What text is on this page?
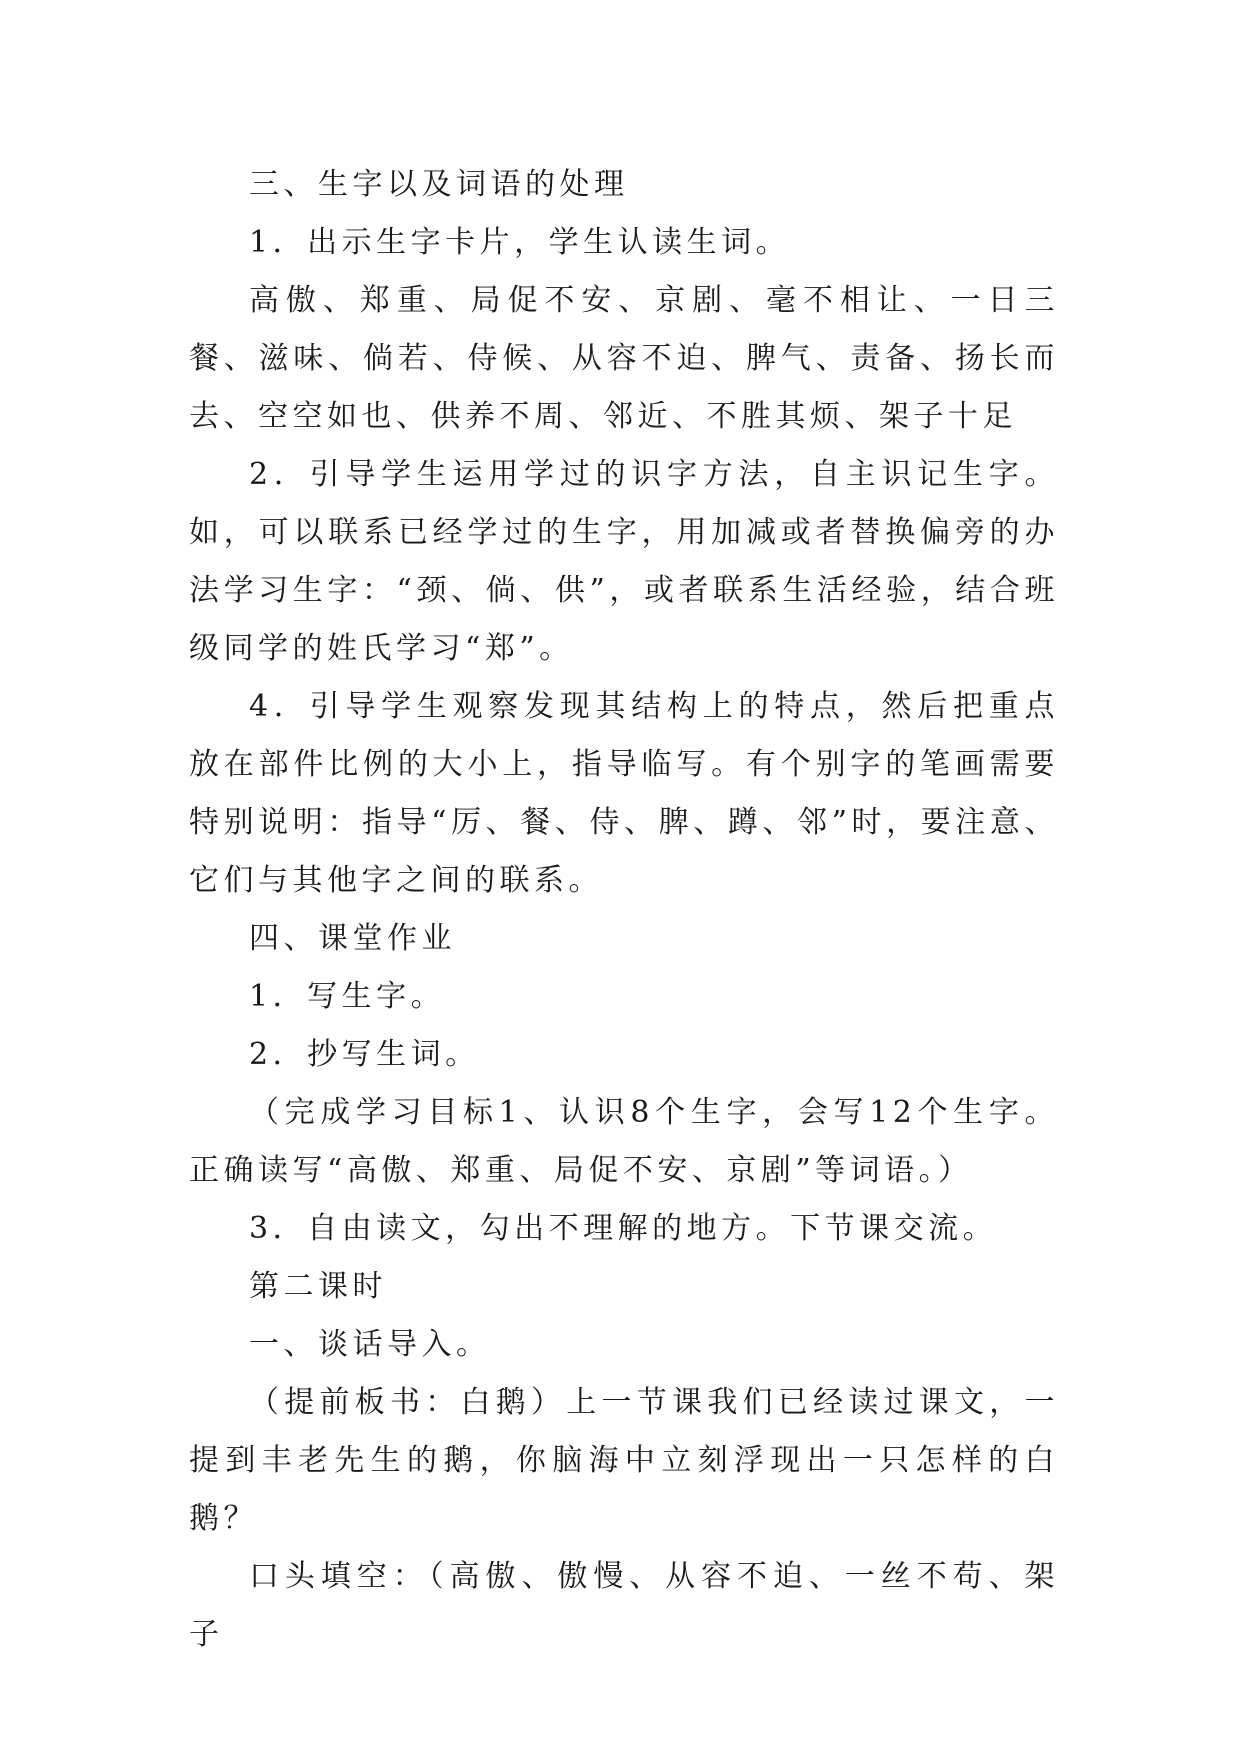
三、生字以及词语的处理

1．出示生字卡片，学生认读生词。

高傲、郑重、局促不安、京剧、毫不相让、一日三餐、滋味、倘若、侍候、从容不迫、脾气、责备、扬长而去、空空如也、供养不周、邻近、不胜其烦、架子十足

2．引导学生运用学过的识字方法，自主识记生字。如，可以联系已经学过的生字，用加减或者替换偏旁的办法学习生字：“颈、倘、供”，或者联系生活经验，结合班级同学的姓氏学习“郑”。

4．引导学生观察发现其结构上的特点，然后把重点放在部件比例的大小上，指导临写。有个别字的笔画需要特别说明：指导“厉、餐、侍、脾、蹲、邻”时，要注意、它们与其他字之间的联系。

四、课堂作业

1．写生字。

2．抄写生词。

（完成学习目标1、认识8个生字，会写12个生字。正确读写“高傲、郑重、局促不安、京剧”等词语。）

3．自由读文，勾出不理解的地方。下节课交流。

第二课时

一、谈话导入。

（提前板书：白鹅）上一节课我们已经读过课文，一提到丰老先生的鹅，你脑海中立刻浮现出一只怎样的白鹅？

口头填空：（高傲、傲慢、从容不迫、一丝不苟、架子
